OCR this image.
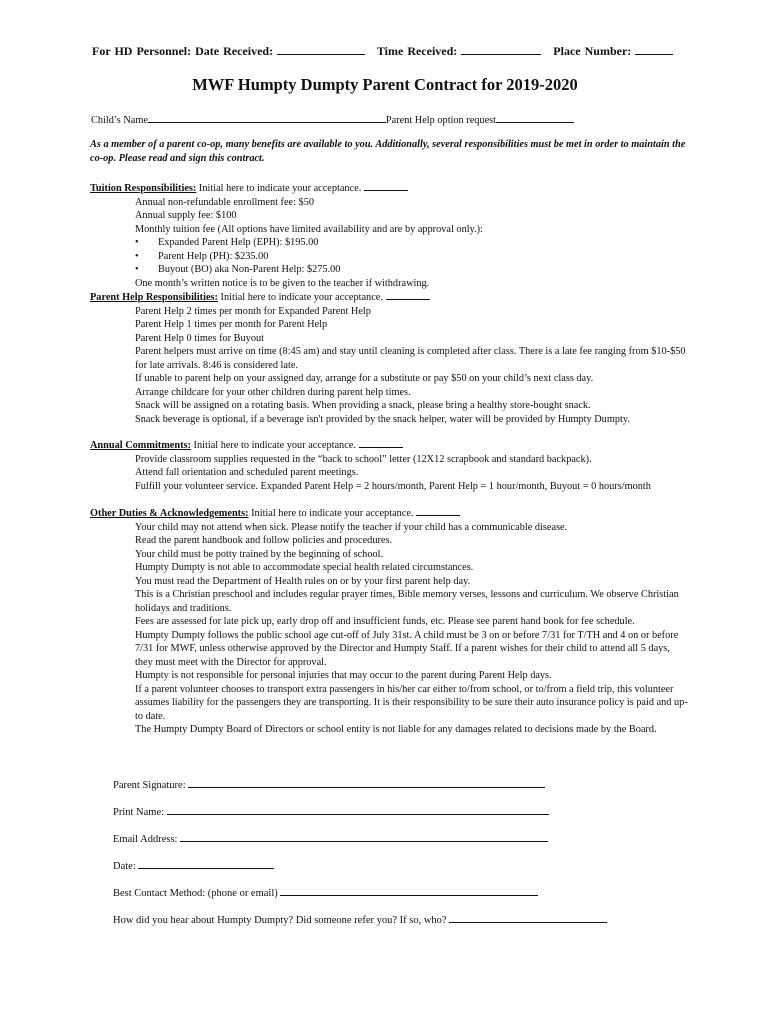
For HD Personnel: Date Received:	Time Received:	Place Number:
MWF Humpty Dumpty Parent Contract for 2019-2020
Child’s Name	Parent Help option request
As a member of a parent co-op, many benefits are available to you. Additionally, several responsibilities must be met in order to maintain the co-op. Please read and sign this contract.
Tuition Responsibilities: Initial here to indicate your acceptance.
Annual non-refundable enrollment fee: $50
Annual supply fee: $100
Monthly tuition fee (All options have limited availability and are by approval only.):
• Expanded Parent Help (EPH): $195.00
• Parent Help (PH): $235.00
• Buyout (BO) aka Non-Parent Help: $275.00
One month’s written notice is to be given to the teacher if withdrawing.
Parent Help Responsibilities: Initial here to indicate your acceptance.
Parent Help 2 times per month for Expanded Parent Help
Parent Help 1 times per month for Parent Help
Parent Help 0 times for Buyout
Parent helpers must arrive on time (8:45 am) and stay until cleaning is completed after class. There is a late fee ranging from $10-$50 for late arrivals. 8:46 is considered late.
If unable to parent help on your assigned day, arrange for a substitute or pay $50 on your child’s next class day.
Arrange childcare for your other children during parent help times.
Snack will be assigned on a rotating basis. When providing a snack, please bring a healthy store-bought snack.
Snack beverage is optional, if a beverage isn't provided by the snack helper, water will be provided by Humpty Dumpty.
Annual Commitments: Initial here to indicate your acceptance.
Provide classroom supplies requested in the “back to school” letter (12X12 scrapbook and standard backpack).
Attend fall orientation and scheduled parent meetings.
Fulfill your volunteer service. Expanded Parent Help = 2 hours/month, Parent Help = 1 hour/month, Buyout = 0 hours/month
Other Duties & Acknowledgements: Initial here to indicate your acceptance.
Your child may not attend when sick. Please notify the teacher if your child has a communicable disease.
Read the parent handbook and follow policies and procedures.
Your child must be potty trained by the beginning of school.
Humpty Dumpty is not able to accommodate special health related circumstances.
You must read the Department of Health rules on or by your first parent help day.
This is a Christian preschool and includes regular prayer times, Bible memory verses, lessons and curriculum. We observe Christian holidays and traditions.
Fees are assessed for late pick up, early drop off and insufficient funds, etc. Please see parent hand book for fee schedule.
Humpty Dumpty follows the public school age cut-off of July 31st. A child must be 3 on or before 7/31 for T/TH and 4 on or before 7/31 for MWF, unless otherwise approved by the Director and Humpty Staff. If a parent wishes for their child to attend all 5 days, they must meet with the Director for approval.
Humpty is not responsible for personal injuries that may occur to the parent during Parent Help days.
If a parent volunteer chooses to transport extra passengers in his/her car either to/from school, or to/from a field trip, this volunteer assumes liability for the passengers they are transporting. It is their responsibility to be sure their auto insurance policy is paid and up-to date.
The Humpty Dumpty Board of Directors or school entity is not liable for any damages related to decisions made by the Board.
Parent Signature:
Print Name:
Email Address:
Date:
Best Contact Method: (phone or email)
How did you hear about Humpty Dumpty? Did someone refer you? If so, who?
